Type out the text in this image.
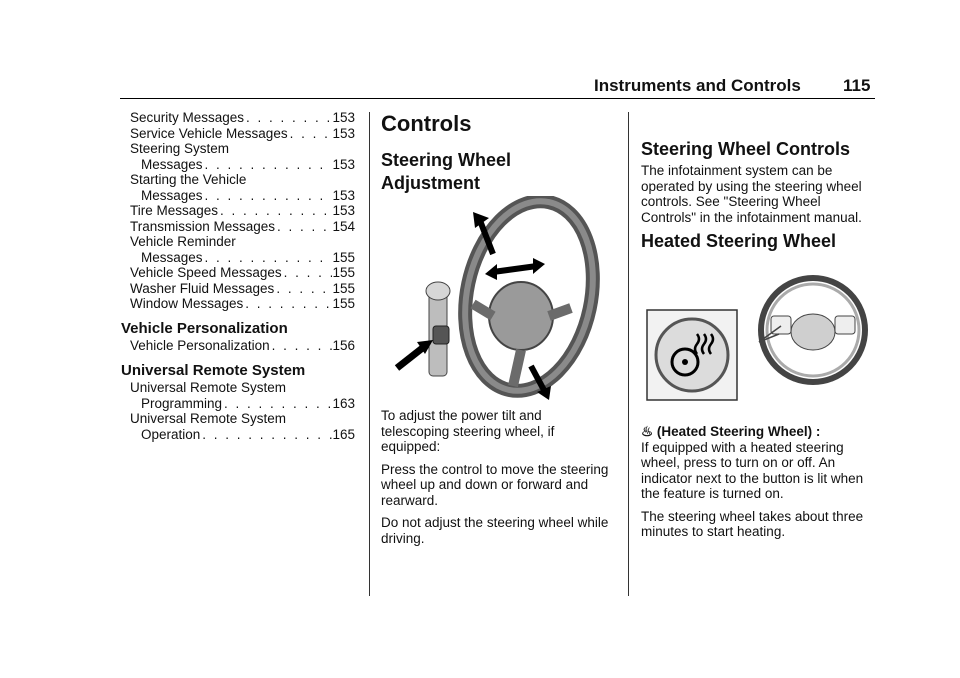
Instruments and Controls 115
Security Messages . . .	153
Service Vehicle Messages . . .	153
Steering System
Messages . . .	153
Starting the Vehicle
Messages . . .	153
Tire Messages . . .	153
Transmission Messages . . .	154
Vehicle Reminder
Messages . . .	155
Vehicle Speed Messages . . .	155
Washer Fluid Messages . . .	155
Window Messages . . .	155
Vehicle Personalization
Vehicle Personalization . . .	156
Universal Remote System
Universal Remote System
Programming . . .	163
Universal Remote System
Operation . . .	165
Controls
Steering Wheel Adjustment

To adjust the power tilt and telescoping steering wheel, if equipped:

Press the control to move the steering wheel up and down or forward and rearward.

Do not adjust the steering wheel while driving.

Steering Wheel Controls

The infotainment system can be operated by using the steering wheel controls. See "Steering Wheel Controls" in the infotainment manual.

Heated Steering Wheel
♨ (Heated Steering Wheel) :

If equipped with a heated steering wheel, press to turn on or off. An indicator next to the button is lit when the feature is turned on.

The steering wheel takes about three minutes to start heating.
